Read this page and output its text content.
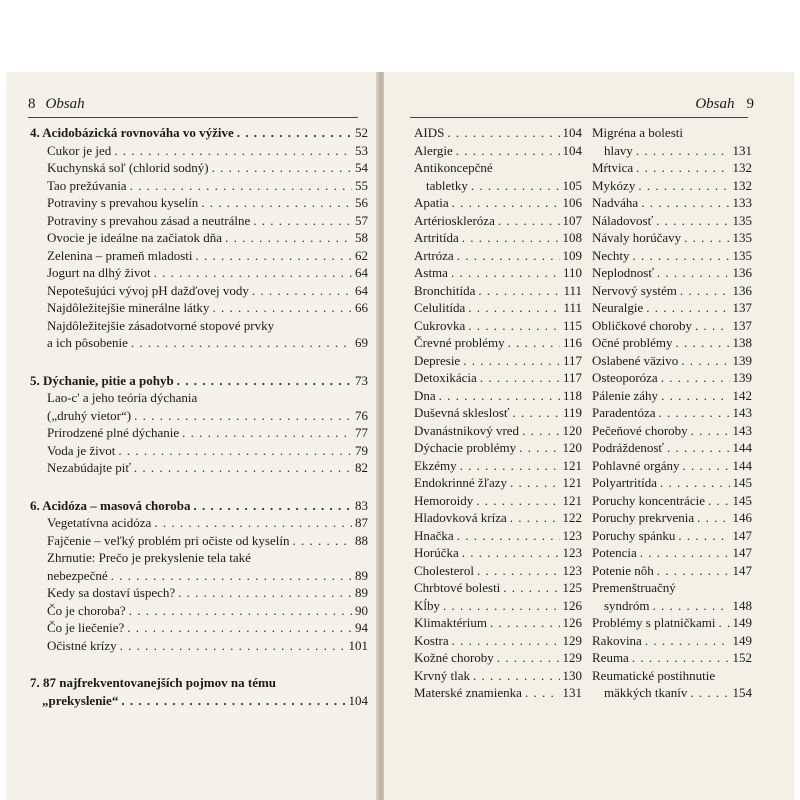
8 Obsah	Obsah 9
4. Acidobázická rovnováha vo výžive . . .	52
Cukor je jed . . .	53
Kuchynská soľ (chlorid sodný) . . .	54
Tao prežúvania . . .	55
Potraviny s prevahou kyselín . . .	56
Potraviny s prevahou zásad a neutrálne . . .	57
Ovocie je ideálne na začiatok dňa . . .	58
Zelenina – prameň mladosti . . .	62
Jogurt na dlhý život . . .	64
Nepotešujúci vývoj pH dažďovej vody . . .	64
Najdôležitejšie minerálne látky . . .	66
Najdôležitejšie zásadotvorné stopové prvky
a ich pôsobenie . . .	69
5. Dýchanie, pitie a pohyb . . .	73
Lao-c' a jeho teória dýchania
(„druhý vietor“) . . .	76
Prirodzené plné dýchanie . . .	77
Voda je život . . .	79
Nezabúdajte piť . . .	82
6. Acidóza – masová choroba . . .	83
Vegetatívna acidóza . . .	87
Fajčenie – veľký problém pri očiste od kyselín . . .	88
Zhrnutie: Prečo je prekyslenie tela také
nebezpečné . . .	89
Kedy sa dostaví úspech? . . .	89
Čo je choroba? . . .	90
Čo je liečenie? . . .	94
Očistné krízy . . .	101
7. 87 najfrekventovanejších pojmov na tému
„prekyslenie“ . . .	104
AIDS . . .	104
Alergie . . .	104
Antikoncepčné
tabletky . . .	105
Apatia . . .	106
Artérioskleróza . . .	107
Artritída . . .	108
Artróza . . .	109
Astma . . .	110
Bronchitída . . .	111
Celulitída . . .	111
Cukrovka . . .	115
Črevné problémy . . .	116
Depresie . . .	117
Detoxikácia . . .	117
Dna . . .	118
Duševná skleslosť . . .	119
Dvanástnikový vred . . .	120
Dýchacie problémy . . .	120
Ekzémy . . .	121
Endokrinné žľazy . . .	121
Hemoroidy . . .	121
Hladovková kríza . . .	122
Hnačka . . .	123
Horúčka . . .	123
Cholesterol . . .	123
Chrbtové bolesti . . .	125
Kĺby . . .	126
Klimaktérium . . .	126
Kostra . . .	129
Kožné choroby . . .	129
Krvný tlak . . .	130
Materské znamienka . . .	131
Migréna a bolesti
hlavy . . .	131
Mŕtvica . . .	132
Mykózy . . .	132
Nadváha . . .	133
Náladovosť . . .	135
Návaly horúčavy . . .	135
Nechty . . .	135
Neplodnosť . . .	136
Nervový systém . . .	136
Neuralgie . . .	137
Obličkové choroby . . .	137
Očné problémy . . .	138
Oslabené väzivo . . .	139
Osteoporóza . . .	139
Pálenie záhy . . .	142
Paradentóza . . .	143
Pečeňové choroby . . .	143
Podráždenosť . . .	144
Pohlavné orgány . . .	144
Polyartritída . . .	145
Poruchy koncentrácie . . . 145
Poruchy prekrvenia . . .	146
Poruchy spánku . . .	147
Potencia . . .	147
Potenie nôh . . .	147
Premenštruačný
syndróm . . .	148
Problémy s platničkami . . . 149
Rakovina . . .	149
Reuma . . .	152
Reumatické postihnutie
mäkkých tkanív . . .	154
